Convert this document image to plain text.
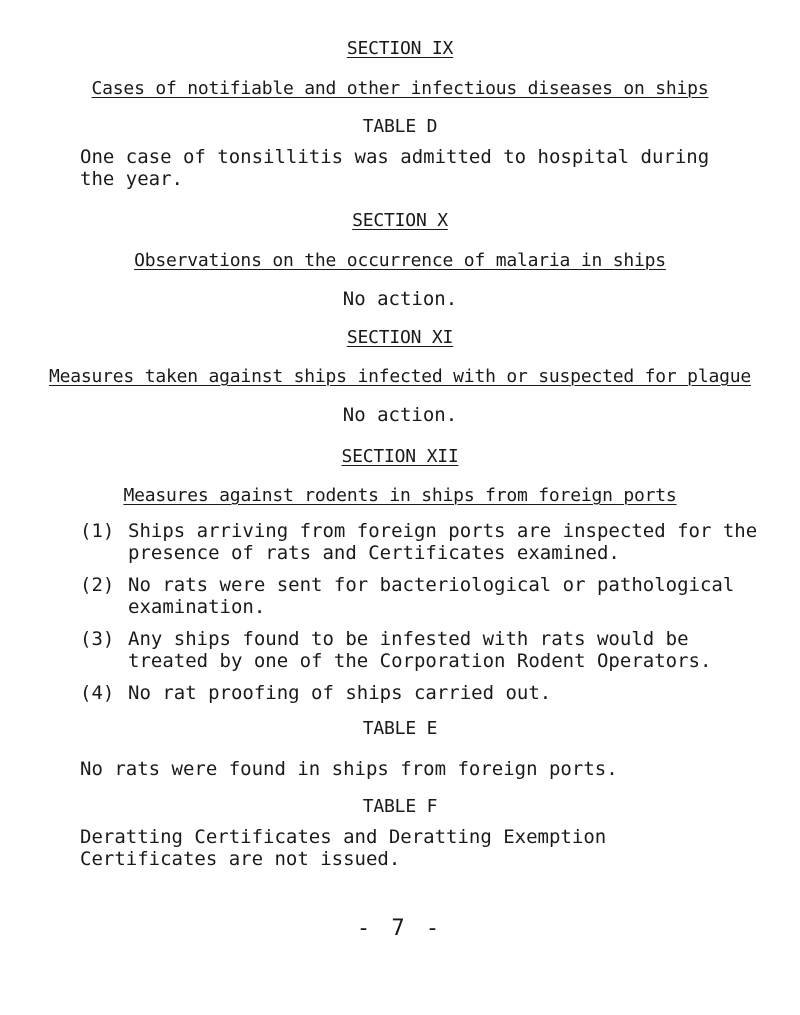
SECTION IX

Cases of notifiable and other infectious diseases on ships

TABLE D

One case of tonsillitis was admitted to hospital during the year.

SECTION X

Observations on the occurrence of malaria in ships

No action.

SECTION XI

Measures taken against ships infected with or suspected for plague

No action.

SECTION XII

Measures against rodents in ships from foreign ports

(1) Ships arriving from foreign ports are inspected for the presence of rats and Certificates examined.
(2) No rats were sent for bacteriological or pathological examination.
(3) Any ships found to be infested with rats would be treated by one of the Corporation Rodent Operators.
(4) No rat proofing of ships carried out.

TABLE E

No rats were found in ships from foreign ports.

TABLE F

Deratting Certificates and Deratting Exemption Certificates are not issued.

- 7 -
